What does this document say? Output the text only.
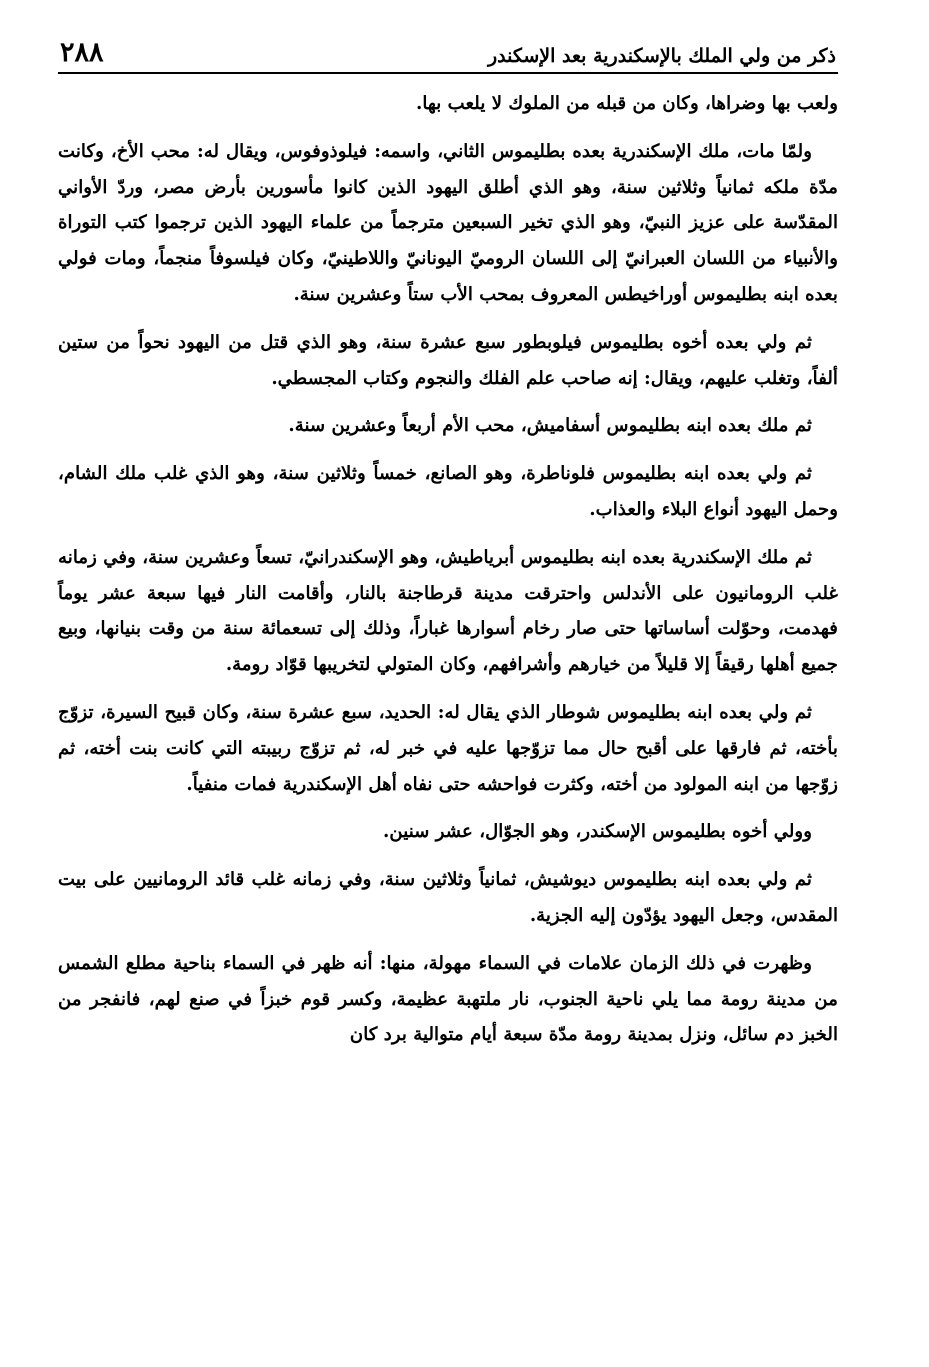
ذكر من ولي الملك بالإسكندرية بعد الإسكندر
٢٨٨

ولعب بها وضراها، وكان من قبله من الملوك لا يلعب بها.

ولمّا مات، ملك الإسكندرية بعده بطليموس الثاني، واسمه: فيلوذوفوس، ويقال له: محب الأخ، وكانت مدّة ملكه ثمانياً وثلاثين سنة، وهو الذي أطلق اليهود الذين كانوا مأسورين بأرض مصر، وردّ الأواني المقدّسة على عزيز النبيّ، وهو الذي تخير السبعين مترجماً من علماء اليهود الذين ترجموا كتب التوراة والأنبياء من اللسان العبرانيّ إلى اللسان الروميّ اليونانيّ واللاطينيّ، وكان فيلسوفاً منجماً، ومات فولي بعده ابنه بطليموس أوراخيطس المعروف بمحب الأب ستاً وعشرين سنة.

ثم ولي بعده أخوه بطليموس فيلوبطور سبع عشرة سنة، وهو الذي قتل من اليهود نحواً من ستين ألفاً، وتغلب عليهم، ويقال: إنه صاحب علم الفلك والنجوم وكتاب المجسطي.

ثم ملك بعده ابنه بطليموس أسفاميش، محب الأم أربعاً وعشرين سنة.

ثم ولي بعده ابنه بطليموس فلوناطرة، وهو الصانع، خمساً وثلاثين سنة، وهو الذي غلب ملك الشام، وحمل اليهود أنواع البلاء والعذاب.

ثم ملك الإسكندرية بعده ابنه بطليموس أبرياطيش، وهو الإسكندرانيّ، تسعاً وعشرين سنة، وفي زمانه غلب الرومانيون على الأندلس واحترقت مدينة قرطاجنة بالنار، وأقامت النار فيها سبعة عشر يوماً فهدمت، وحوّلت أساساتها حتى صار رخام أسوارها غباراً، وذلك إلى تسعمائة سنة من وقت بنيانها، وبيع جميع أهلها رقيقاً إلا قليلاً من خيارهم وأشرافهم، وكان المتولي لتخريبها قوّاد رومة.

ثم ولي بعده ابنه بطليموس شوطار الذي يقال له: الحديد، سبع عشرة سنة، وكان قبيح السيرة، تزوّج بأخته، ثم فارقها على أقبح حال مما تزوّجها عليه في خبر له، ثم تزوّج ربيبته التي كانت بنت أخته، ثم زوّجها من ابنه المولود من أخته، وكثرت فواحشه حتى نفاه أهل الإسكندرية فمات منفياً.

وولي أخوه بطليموس الإسكندر، وهو الجوّال، عشر سنين.

ثم ولي بعده ابنه بطليموس ديوشيش، ثمانياً وثلاثين سنة، وفي زمانه غلب قائد الرومانيين على بيت المقدس، وجعل اليهود يؤدّون إليه الجزية.

وظهرت في ذلك الزمان علامات في السماء مهولة، منها: أنه ظهر في السماء بناحية مطلع الشمس من مدينة رومة مما يلي ناحية الجنوب، نار ملتهبة عظيمة، وكسر قوم خبزاً في صنع لهم، فانفجر من الخبز دم سائل، ونزل بمدينة رومة مدّة سبعة أيام متوالية برد كان
